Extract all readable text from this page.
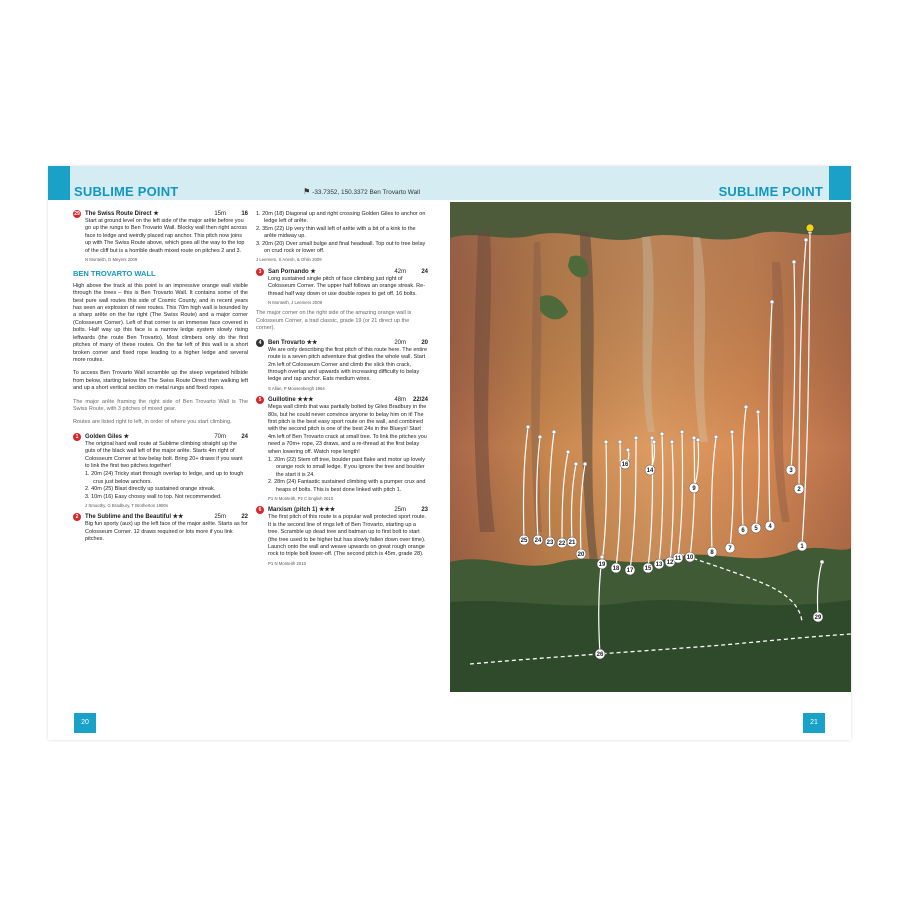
SUBLIME POINT	⚑ -33.7352, 150.3372 Ben Trovarto Wall
29 The Swiss Route Direct ★	15m	16

Start at ground level on the left side of the major arête before you go up the rungs to Ben Trovarto Wall. Blocky wall then right across face to ledge and weirdly placed rap anchor. This pitch now joins up with The Swiss Route above, which goes all the way to the top of the cliff but is a horrible death mixed route on pitches 2 and 3.

N Monteith, D Meyers 2009
BEN TROVARTO WALL

High above the track at this point is an impressive orange wall visible through the trees – this is Ben Trovarto Wall. It contains some of the best pure wall routes this side of Cosmic County, and in recent years has seen an explosion of new routes. This 70m high wall is bounded by a sharp arête on the far right (The Swiss Route) and a major corner (Colosseum Corner). Left of that corner is an immense face covered in bolts. Half way up this face is a narrow ledge system slowly rising leftwards (the route Ben Trovarto). Most climbers only do the first pitches of many of these routes. On the far left of this wall is a short broken corner and fixed rope leading to a higher ledge and several more routes.

To access Ben Trovarto Wall scramble up the steep vegetated hillside from below, starting below the The Swiss Route Direct then walking left and up a short vertical section on metal rungs and fixed ropes.

The major arête framing the right side of Ben Trovarto Wall is The Swiss Route, with 3 pitches of mixed gear.

Routes are listed right to left, in order of where you start climbing.

1	Golden Giles ★	70m	24

The original hard wall route at Sublime climbing straight up the guts of the black wall left of the major arête. Starts 4m right of Colosseum Corner at low belay bolt. Bring 20+ draws if you want to link the first two pitches together!

1. 20m (24) Tricky start through overlap to ledge, and up to tough crux just below anchors.
2. 40m (25) Blast directly up sustained orange streak.
3. 10m (16) Easy chossy wall to top. Not recommended.
J Smoothy, G Bradbury, T Brotherton 1980s
2	The Sublime and the Beautiful ★★	25m	22

Big fun sporty (aux) up the left face of the major arête. Starts as for Colosseum Corner. 12 draws required or lots more if you link pitches.

1. 20m (18) Diagonal up and right crossing Golden Giles to anchor on ledge left of arête.
2. 35m (22) Up very thin wall left of arête with a bit of a kink to the arête midway up.
3. 20m (20) Over small bulge and final headwall. Top out to tree belay on crud rock or lower off.
J Leemers, S Anesh, & Ohlin 2009
3	San Pornando ★	42m	24

Long sustained single pitch of face climbing just right of Colosseum Corner. The upper half follows an orange streak. Re-thread half way down or use double ropes to get off. 16 bolts.

N Monteith, J Leemers 2009

The major corner on the right side of the amazing orange wall is Colosseum Corner, a trad classic, grade 19 (or 21 direct up the corner).

4	Ben Trovarto ★★	20m	20

We are only describing the first pitch of this route here. The entire route is a seven pitch adventure that girdles the whole wall. Start 2m left of Colosseum Corner and climb the slick thin crack, through overlap and upwards with increasing difficulty to belay ledge and rap anchor. Eats medium wires.

S Allan, P Moosenbergh 1964
5	Guillotine ★★★	48m	22/24

Mega wall climb that was partially bolted by Giles Bradbury in the 80s, but he could never convince anyone to belay him on it! The first pitch is the best easy sport route on the wall, and combined with the second pitch is one of the best 24s in the Blueys! Start 4m left of Ben Trovarto crack at small tree. To link the pitches you need a 70m+ rope, 23 draws, and a re-thread at the first belay when lowering off. Watch rope length!

1. 20m (22) Stem off tree, boulder past flake and motor up lovely orange rock to small ledge. If you ignore the tree and boulder the start it is 24.
2. 28m (24) Fantastic sustained climbing with a pumper crux and heaps of bolts. This is best done linked with pitch 1.
P1 N Monteith, P2 C English 2010
6	Marxism (pitch 1) ★★★	25m	23

The first pitch of this route is a popular wall protected sport route. It is the second line of rings left of Ben Trovarto, starting up a tree. Scramble up dead tree and batman up to first bolt to start (the tree used to be higher but has slowly fallen down over time). Launch onto the wall and weave upwards on great rough orange rock to triple bolt lower-off. (The second pitch is 45m, grade 28).

P1 N Monteith 2010
20
SUBLIME POINT
25 24 23 22 21
20
19
18 17 15
13 12
11 10
9
8
7
6 5 4
3
2
1
14
16
26
29
21
